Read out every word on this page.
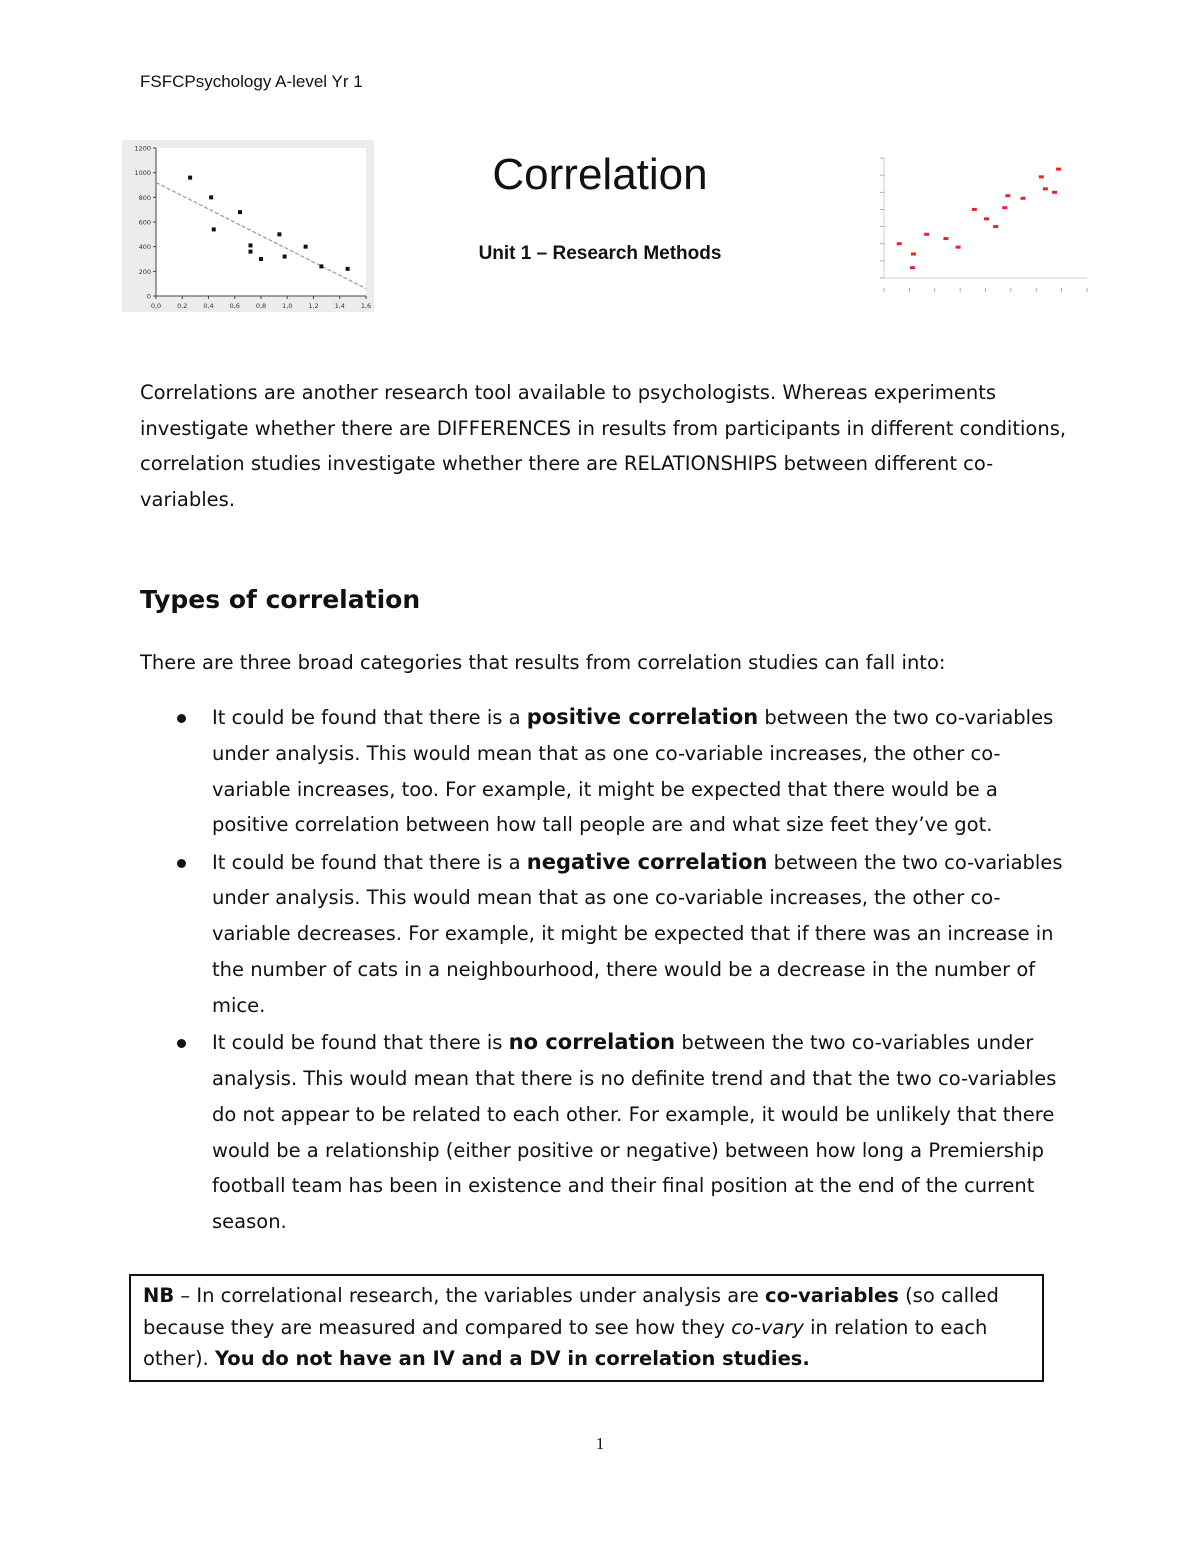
FSFCPsychology A-level Yr 1
0
200
400
600
800
1000
1200
0,0 0,2 0,4 0,6 0,8 1,0 1,2 1,4 1,6
Correlation
Unit 1 – Research Methods

Correlations are another research tool available to psychologists. Whereas experiments investigate whether there are DIFFERENCES in results from participants in different conditions, correlation studies investigate whether there are RELATIONSHIPS between different co-variables.

Types of correlation

There are three broad categories that results from correlation studies can fall into:

It could be found that there is a positive correlation between the two co-variables under analysis. This would mean that as one co-variable increases, the other co-variable increases, too. For example, it might be expected that there would be a positive correlation between how tall people are and what size feet they’ve got.
It could be found that there is a negative correlation between the two co-variables under analysis. This would mean that as one co-variable increases, the other co-variable decreases. For example, it might be expected that if there was an increase in the number of cats in a neighbourhood, there would be a decrease in the number of mice.
It could be found that there is no correlation between the two co-variables under analysis. This would mean that there is no definite trend and that the two co-variables do not appear to be related to each other. For example, it would be unlikely that there would be a relationship (either positive or negative) between how long a Premiership football team has been in existence and their final position at the end of the current season.
NB – In correlational research, the variables under analysis are co-variables (so called because they are measured and compared to see how they co-vary in relation to each other). You do not have an IV and a DV in correlation studies.
1
